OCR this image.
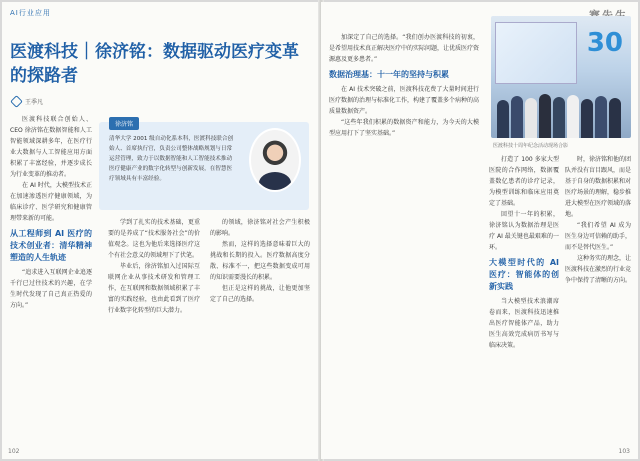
AI行业应用
医渡科技｜徐济铭：数据驱动医疗变革的探路者
王季凡

医渡科技联合创始人、CEO 徐济铭在数据智能和人工智能领域深耕多年，在医疗行业大数据与人工智能应用方面积累了丰富经验，并逐步成长为行业变革的推动者。

在 AI 时代，大模型技术正在加速渗透医疗健康领域，为临床诊疗、医学研究和健康管理带来新的可能。

从工程师到 AI 医疗的技术创业者：清华精神塑造的人生轨迹

“追求进入互联网企业追逐千行已过往技术的兴趣，在学生时代发现了自己真正热爱的方向。”

徐济铭
清华大学 2001 级自动化系本科，医渡科技联合创始人、首席执行官，负责公司整体战略规划与日常运营管理，致力于以数据智能和人工智能技术推动医疗健康产业的数字化转型与创新发展，在智慧医疗领域具有丰富经验。

学到了扎实的技术基础，更重要的是养成了“技术服务社会”的价值观念。这也为他后来选择医疗这个有社会意义的领域埋下了伏笔。

毕业后，徐济铭加入过国际互联网企业从事技术研发和管理工作，在互联网和数据领域积累了丰富的实践经验，也由此看到了医疗行业数字化转型的巨大潜力。

的领域，徐济铭对社会产生积极的影响。

然而，这样的选择意味着巨大的挑战和长期的投入。医疗数据高度分散、标准不一，把这些数据变成可用的知识需要漫长的积累。

但正是这样的挑战，让他更加坚定了自己的选择。

102

加深定了自己的选择。“我们创办医渡科技的初衷，是希望用技术真正解决医疗中的实际问题，让优质医疗资源惠及更多患者。”

数据治理基：十一年的坚持与积累

在 AI 技术突破之前，医渡科技花费了大量时间进行医疗数据的治理与标准化工作，构建了覆盖多个病种的高质量数据资产。

“这些年我们积累的数据资产和能力，为今天的大模型应用打下了坚实基础。”

30
医渡科技十周年纪念活动现场合影

打造了 100 多家大型医院的合作网络，数据覆盖数亿患者的诊疗记录，为模型训练和临床应用奠定了基础。

回望十一年的积累，徐济铭认为数据治理是医疗 AI 最关键也最艰难的一环。

大模型时代的 AI 医疗：智能体的创新实践

当大模型技术浪潮席卷而来，医渡科技迅速推出医疗智能体产品，助力医生高效完成病历书写与临床决策。

时，徐济铭和他的团队并没有盲目跟风，而是基于自身的数据积累和对医疗场景的理解，稳步推进大模型在医疗领域的落地。

“我们希望 AI 成为医生身边可信赖的助手，而不是替代医生。”

这种务实的理念，让医渡科技在激烈的行业竞争中保持了清晰的方向。

103
